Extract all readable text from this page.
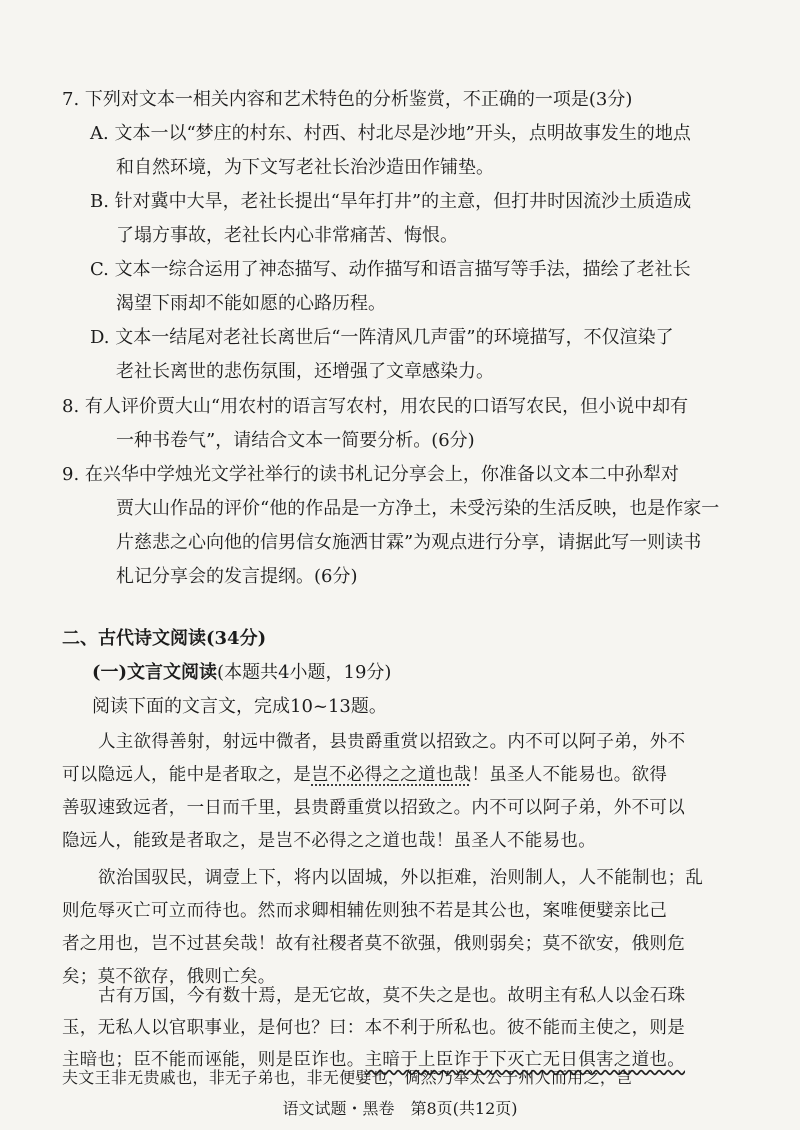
7. 下列对文本一相关内容和艺术特色的分析鉴赏，不正确的一项是(3分)
A. 文本一以“梦庄的村东、村西、村北尽是沙地”开头，点明故事发生的地点
和自然环境，为下文写老社长治沙造田作铺垫。
B. 针对冀中大旱，老社长提出“旱年打井”的主意，但打井时因流沙土质造成
了塌方事故，老社长内心非常痛苦、悔恨。
C. 文本一综合运用了神态描写、动作描写和语言描写等手法，描绘了老社长
渴望下雨却不能如愿的心路历程。
D. 文本一结尾对老社长离世后“一阵清风几声雷”的环境描写，不仅渲染了
老社长离世的悲伤氛围，还增强了文章感染力。
8. 有人评价贾大山“用农村的语言写农村，用农民的口语写农民，但小说中却有
一种书卷气”，请结合文本一简要分析。(6分)
9. 在兴华中学烛光文学社举行的读书札记分享会上，你准备以文本二中孙犁对
贾大山作品的评价“他的作品是一方净土，未受污染的生活反映，也是作家一
片慈悲之心向他的信男信女施洒甘霖”为观点进行分享，请据此写一则读书
札记分享会的发言提纲。(6分)
二、古代诗文阅读(34分)
(一)文言文阅读(本题共4小题，19分)
阅读下面的文言文，完成10~13题。
人主欲得善射，射远中微者，县贵爵重赏以招致之。内不可以阿子弟，外不
可以隐远人，能中是者取之，是岂不必得之之道也哉！虽圣人不能易也。欲得
善驭速致远者，一日而千里，县贵爵重赏以招致之。内不可以阿子弟，外不可以
隐远人，能致是者取之，是岂不必得之之道也哉！虽圣人不能易也。
欲治国驭民，调壹上下，将内以固城，外以拒难，治则制人，人不能制也；乱
则危辱灭亡可立而待也。然而求卿相辅佐则独不若是其公也，案唯便嬖亲比己
者之用也，岂不过甚矣哉！故有社稷者莫不欲强，俄则弱矣；莫不欲安，俄则危
矣；莫不欲存，俄则亡矣。
古有万国，今有数十焉，是无它故，莫不失之是也。故明主有私人以金石珠
玉，无私人以官职事业，是何也？曰：本不利于所私也。彼不能而主使之，则是
语文试题・黑卷　第8页(共12页)
主暗也；臣不能而诬能，则是臣诈也。主暗于上臣诈于下灭亡无日俱害之道也。
夫文王非无贵戚也，非无子弟也，非无便嬖也，倜然乃举太公于州人而用之，岂
